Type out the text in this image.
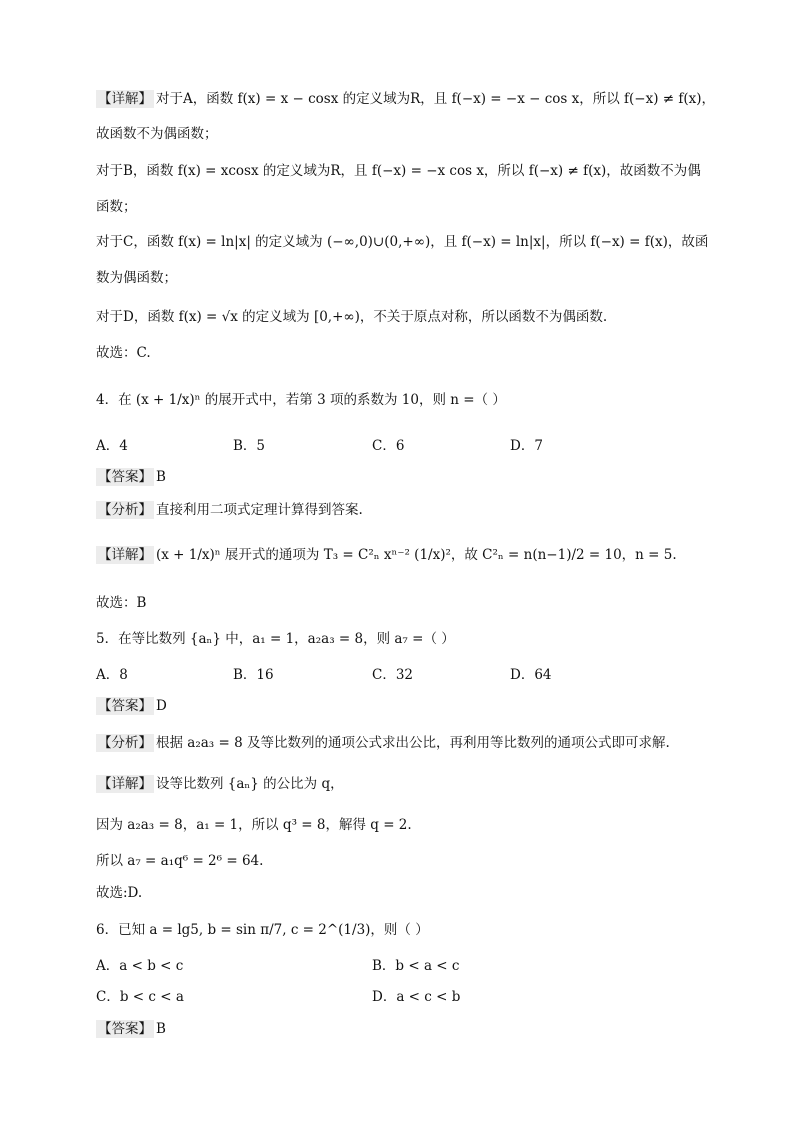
【详解】 对于A，函数 f(x) = x − cosx 的定义域为R，且 f(−x) = −x − cos x，所以 f(−x) ≠ f(x)，
故函数不为偶函数；
对于B，函数 f(x) = xcosx 的定义域为R，且 f(−x) = −x cos x，所以 f(−x) ≠ f(x)，故函数不为偶
函数；
对于C，函数 f(x) = ln|x| 的定义域为 (−∞,0)∪(0,+∞)，且 f(−x) = ln|x|，所以 f(−x) = f(x)，故函
数为偶函数；
对于D，函数 f(x) = √x 的定义域为 [0,+∞)，不关于原点对称，所以函数不为偶函数.
故选：C.
4．在 (x + 1/x)ⁿ 的展开式中，若第 3 项的系数为 10，则 n =（ ）
A．4	B．5	C．6	D．7
【答案】 B
【分析】 直接利用二项式定理计算得到答案.
【详解】 (x + 1/x)ⁿ 展开式的通项为 T₃ = C²ₙ xⁿ⁻² (1/x)²，故 C²ₙ = n(n−1)/2 = 10，n = 5.
故选：B
5．在等比数列 {aₙ} 中，a₁ = 1，a₂a₃ = 8，则 a₇ =（ ）
A．8	B．16	C．32	D．64
【答案】 D
【分析】 根据 a₂a₃ = 8 及等比数列的通项公式求出公比，再利用等比数列的通项公式即可求解.
【详解】 设等比数列 {aₙ} 的公比为 q，
因为 a₂a₃ = 8，a₁ = 1，所以 q³ = 8，解得 q = 2.
所以 a₇ = a₁q⁶ = 2⁶ = 64.
故选:D.
6．已知 a = lg5, b = sin π/7, c = 2^(1/3)，则（ ）
A．a < b < c	B．b < a < c
C．b < c < a	D．a < c < b
【答案】 B
